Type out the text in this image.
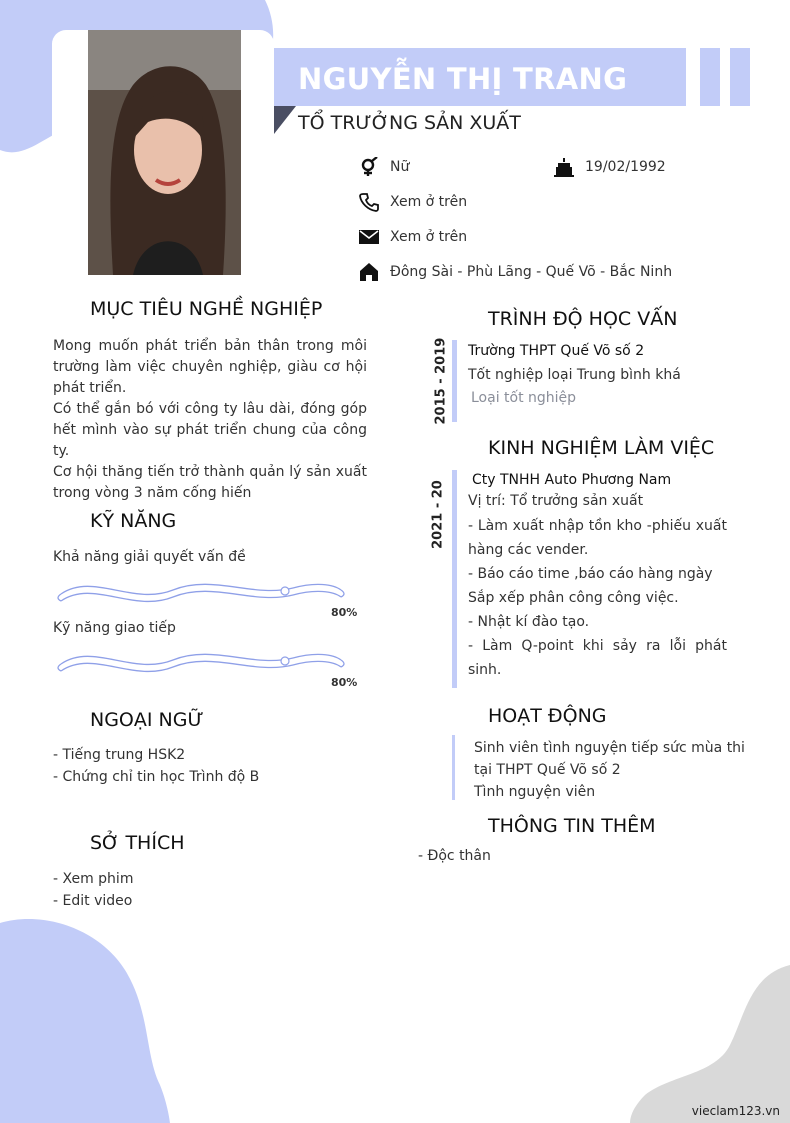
NGUYỄN THỊ TRANG
TỔ TRƯỞNG SẢN XUẤT
Nữ	19/02/1992
Xem ở trên
Xem ở trên
Đông Sài - Phù Lãng - Quế Võ - Bắc Ninh
MỤC TIÊU NGHỀ NGHIỆP

Mong muốn phát triển bản thân trong môi trường làm việc chuyên nghiệp, giàu cơ hội phát triển.

Có thể gắn bó với công ty lâu dài, đóng góp hết mình vào sự phát triển chung của công ty.

Cơ hội thăng tiến trở thành quản lý sản xuất trong vòng 3 năm cống hiến

KỸ NĂNG
Khả năng giải quyết vấn đề
80%
Kỹ năng giao tiếp
80%
NGOẠI NGỮ
- Tiếng trung HSK2
- Chứng chỉ tin học Trình độ B
SỞ THÍCH
- Xem phim
- Edit video
TRÌNH ĐỘ HỌC VẤN
2015 - 2019 Trường THPT Quế Võ số 2
Tốt nghiệp loại Trung bình khá
Loại tốt nghiệp
KINH NGHIỆM LÀM VIỆC
2021 - 20
Cty TNHH Auto Phương Nam
Vị trí: Tổ trưởng sản xuất
- Làm xuất nhập tồn kho -phiếu xuất hàng các vender.
- Báo cáo time ,báo cáo hàng ngày
Sắp xếp phân công công việc.
- Nhật kí đào tạo.
- Làm Q-point khi sảy ra lỗi phát sinh.
HOẠT ĐỘNG
Sinh viên tình nguyện tiếp sức mùa thi tại THPT Quế Võ số 2
Tình nguyện viên
THÔNG TIN THÊM
- Độc thân
vieclam123.vn
